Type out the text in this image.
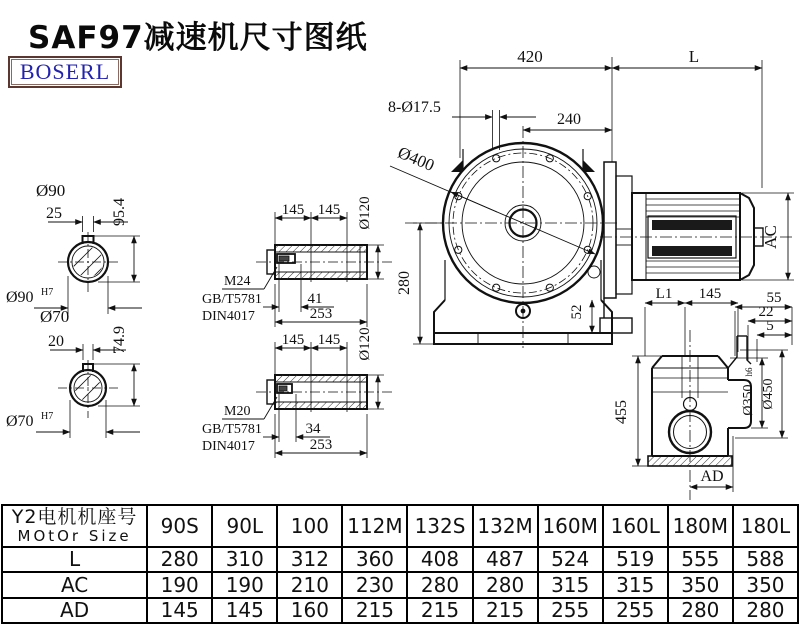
SAF97减速机尺寸图纸
BOSERL
Ø90
25	95.4
Ø90 H7
Ø70
20	74.9
Ø70 H7
145 145 Ø120
M24
GB/T5781
DIN4017
41
253
145 145 Ø120
M20
GB/T5781
DIN4017
34
253
420	L
8-Ø17.5
240
Ø400
280
52
AC
L1 145	55
22
5
455	Ø350
h6
Ø450
AD
Y2电机机座号
MOtOr Size	90S	90L	100	112M	132S	132M	160M	160L	180M	180L
L	280	310	312	360	408	487	524	519	555	588
AC	190	190	210	230	280	280	315	315	350	350
AD	145	145	160	215	215	215	255	255	280	280
